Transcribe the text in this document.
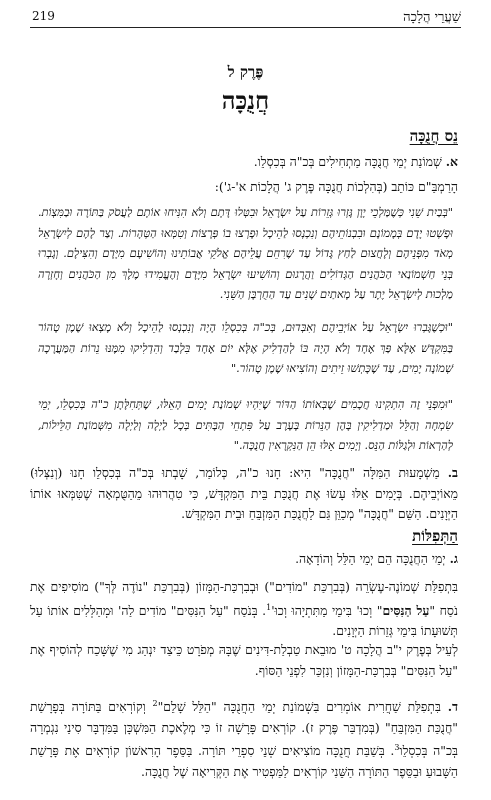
שַׁעֲרֵי הֲלָכָה
219
פֶּרֶק ל
חֲנֻכָּה
נֵס חֲנֻכָּה
א. שְׁמוֹנַת יְמֵי חֲנֻכָּה מַתְחִילִים בְּכ"ה בְּכִסְלֵו.
הָרַמְבַּ"ם כּוֹתֵב (בְּהִלְכוֹת חֲנֻכָּה פֶּרֶק ג' הֲלָכוֹת א'-ג'):
"בְּבַיִת שֵׁנִי כְּשֶׁמַּלְכֵי יָוָן גָּזְרוּ גְּזֵרוֹת עַל יִשְׂרָאֵל וּבִטְּלוּ דָּתָם וְלֹא הִנִּיחוּ אוֹתָם לַעֲסֹק בַּתּוֹרָה וּבַמִּצְוֹת. וּפָשְׁטוּ יָדָם בְּמָמוֹנָם וּבִבְנוֹתֵיהֶם וְנִכְנְסוּ לַהֵיכָל וּפָרְצוּ בוֹ פְּרָצוֹת וְטִמְּאוּ הַטְּהָרוֹת. וְצַר לָהֶם לְיִשְׂרָאֵל מְאֹד מִפְּנֵיהֶם וְלָחֲצוּם לַחַץ גָּדוֹל עַד שֶׁרִחֵם עֲלֵיהֶם אֱלֹקֵי אֲבוֹתֵינוּ וְהוֹשִׁיעָם מִיָּדָם וְהִצִּילָם. וְגָבְרוּ בְּנֵי חַשְׁמוֹנַאי הַכֹּהֲנִים הַגְּדוֹלִים וַהֲרָגוּם וְהוֹשִׁיעוּ יִשְׂרָאֵל מִיָּדָם וְהֶעֱמִידוּ מֶלֶךְ מִן הַכֹּהֲנִים וְחָזְרָה מַלְכוּת לְיִשְׂרָאֵל יֶתֶר עַל מָאתַיִם שָׁנִים עַד הַחֻרְבָּן הַשֵּׁנִי.
"וּכְשֶׁגָּבְרוּ יִשְׂרָאֵל עַל אוֹיְבֵיהֶם וְאִבְּדוּם, בְּכ"ה בְּכִסְלֵו הָיָה וְנִכְנְסוּ לַהֵיכָל וְלֹא מָצְאוּ שֶׁמֶן טָהוֹר בַּמִּקְדָּשׁ אֶלָּא פַּךְ אֶחָד וְלֹא הָיָה בּוֹ לְהַדְלִיק אֶלָּא יוֹם אֶחָד בִּלְבַד וְהִדְלִיקוּ מִמֶּנּוּ נֵרוֹת הַמַּעֲרָכָה שְׁמוֹנָה יָמִים, עַד שֶׁכָּתְשׁוּ זֵיתִים וְהוֹצִיאוּ שֶׁמֶן טָהוֹר."
"וּמִפְּנֵי זֶה הִתְקִינוּ חֲכָמִים שֶׁבְּאוֹתוֹ הַדּוֹר שֶׁיִּהְיוּ שְׁמוֹנַת יָמִים הָאֵלּוּ, שֶׁתְּחִלָּתָן כ"ה בְּכִסְלֵו, יְמֵי שִׂמְחָה וְהַלֵּל וּמַדְלִיקִין בָּהֶן הַנֵּרוֹת בָּעֶרֶב עַל פִּתְחֵי הַבָּתִּים בְּכָל לַיְלָה וְלַיְלָה מִשְּׁמוֹנַת הַלֵּילוֹת, לְהַרְאוֹת וּלְגַלּוֹת הַנֵּס. וְיָמִים אֵלּוּ הֵן הַנִּקְרָאִין חֲנֻכָּה."
ב. מַשְׁמָעוּת הַמִּלָּה "חֲנֻכָּה" הִיא: חָנוּ כ"ה, כְּלוֹמַר, שָׁבְתוּ בְּכ"ה בְּכִסְלֵו חָנוּ (וְנִצְּלוּ) מֵאוֹיְבֵיהֶם. בְּיָמִים אֵלּוּ עָשׂוּ אֶת חֲנֻכַּת בֵּית הַמִּקְדָּשׁ, כִּי טִהֲרוּהוּ מֵהַטֻּמְאָה שֶׁטִּמְּאוּ אוֹתוֹ הַיְּוָנִים. הַשֵּׁם "חֲנֻכָּה" מְכַוֵּן גַּם לַחֲנֻכַּת הַמִּזְבֵּחַ וּבֵית הַמִּקְדָּשׁ.
הַתְּפִלּוֹת
ג. יְמֵי הַחֲנֻכָּה הֵם יְמֵי הַלֵּל וְהוֹדָאָה.
בִּתְפִלַּת שְׁמוֹנֶה-עֶשְׂרֵה (בְּבִרְכַּת "מוֹדִים") וּבְבִרְכַּת-הַמָּזוֹן (בְּבִרְכַּת "נוֹדֶה לְּךָ") מוֹסִיפִים אֶת נֹסַח "עַל הַנִּסִּים" וְכוּ' בִּימֵי מַתִּתְיָהוּ $וְכוּ'^1$. בְּנֹסַח "עַל הַנִּסִּים" מוֹדִים לַה' וּמְהַלְּלִים אוֹתוֹ עַל תְּשׁוּעָתוֹ בִּימֵי גְּזֵרוֹת הַיְּוָנִים.
לְעֵיל בְּפֶרֶק י"ב הֲלָכָה ט' מוּבֵאת טַבְלַת-דִּינִים שֶׁבָּהּ מְפֹרָט כֵּיצַד יִנְהַג מִי שֶׁשָּׁכַח לְהוֹסִיף אֶת "עַל הַנִּסִּים" בְּבִרְכַּת-הַמָּזוֹן וְנִזְכַּר לִפְנֵי הַסּוֹף.
ד. בִּתְפִלַּת שַׁחֲרִית אוֹמְרִים בִּשְׁמוֹנַת יְמֵי הַחֲנֻכָּה "הַלֵּל שָׁלֵם"$^2$ וְקוֹרְאִים בַּתּוֹרָה בְּפָרָשַׁת "חֲנֻכַּת הַמִּזְבֵּחַ" (בְּמִדְבַּר פֶּרֶק ז). קוֹרְאִים פָּרָשָׁה זוֹ כִּי מְלֶאכֶת הַמִּשְׁכָּן בַּמִּדְבָּר סִינַי נִגְמְרָה בְּכ"ה בְּכִסְלֵו$^3$. בְּשַׁבַּת חֲנֻכָּה מוֹצִיאִים שְׁנֵי סִפְרֵי תּוֹרָה. בַּסֵּפֶר הָרִאשׁוֹן קוֹרְאִים אֶת פָּרָשַׁת הַשָּׁבוּעַ וּבַסֵּפֶר הַתּוֹרָה הַשֵּׁנִי קוֹרְאִים לַמַּפְטִיר אֶת הַקְּרִיאָה שֶׁל חֲנֻכָּה.
